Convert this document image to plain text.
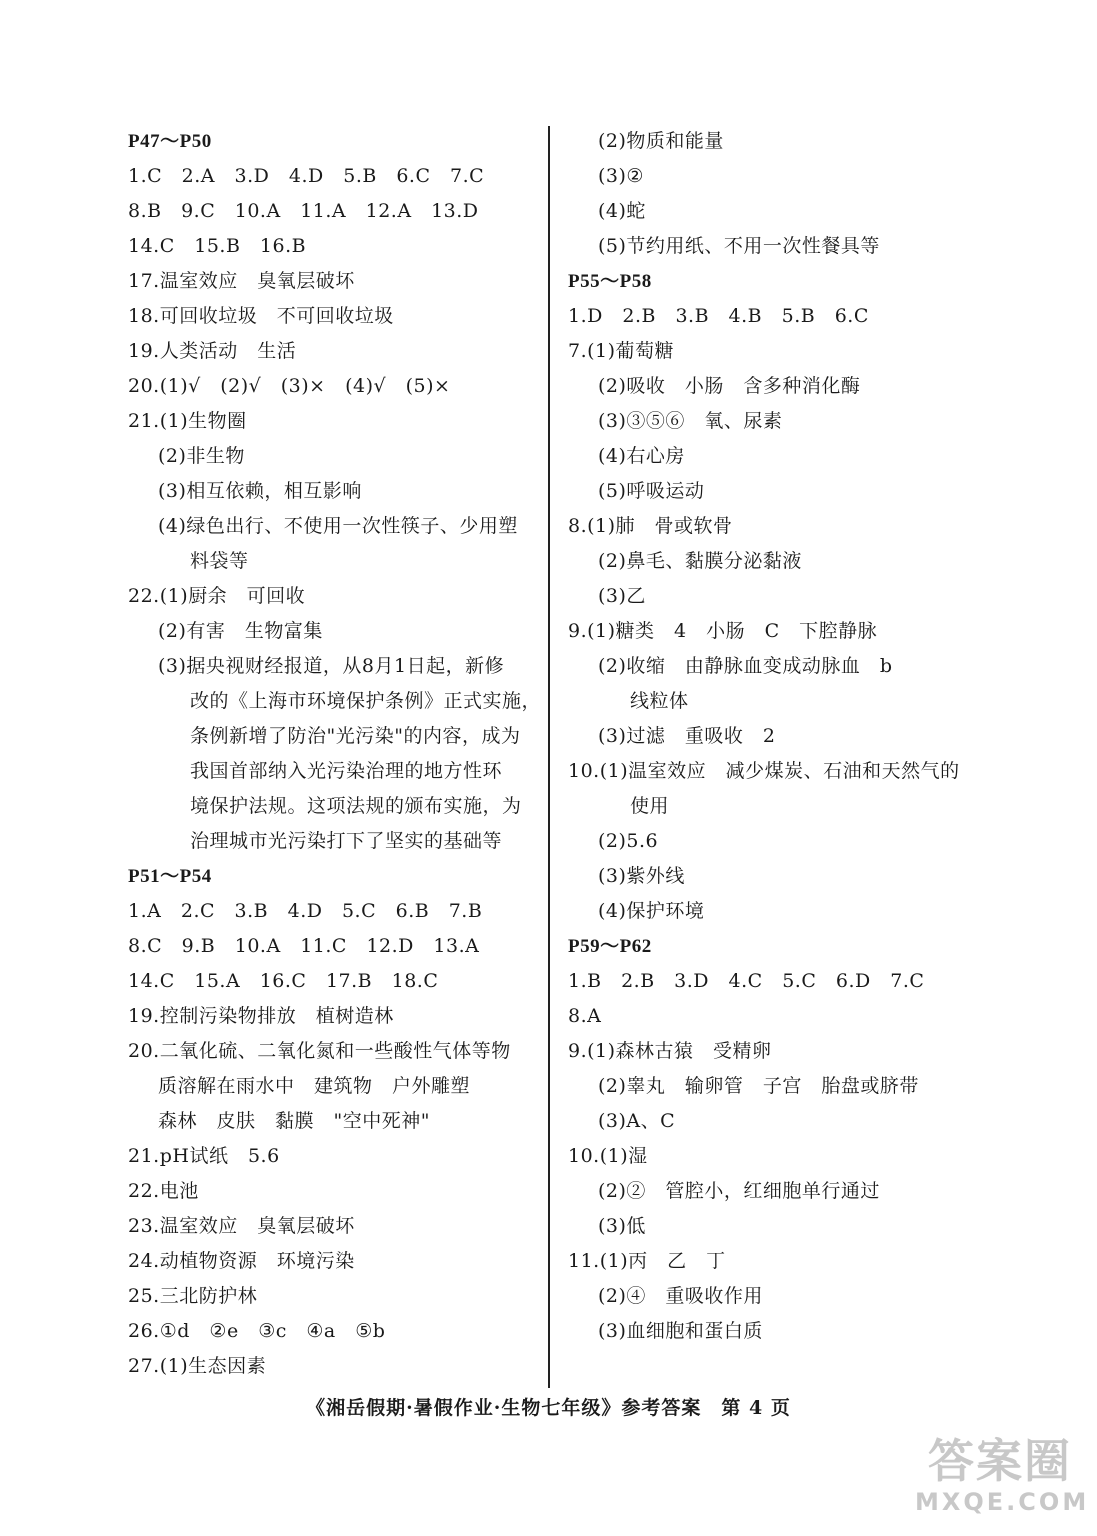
P47～P50
1.C　2.A　3.D　4.D　5.B　6.C　7.C
8.B　9.C　10.A　11.A　12.A　13.D
14.C　15.B　16.B
17.温室效应　臭氧层破坏
18.可回收垃圾　不可回收垃圾
19.人类活动　生活
20.(1)√　(2)√　(3)×　(4)√　(5)×
21.(1)生物圈
(2)非生物
(3)相互依赖，相互影响
(4)绿色出行、不使用一次性筷子、少用塑
料袋等
22.(1)厨余　可回收
(2)有害　生物富集
(3)据央视财经报道，从8月1日起，新修
改的《上海市环境保护条例》正式实施，
条例新增了防治"光污染"的内容，成为
我国首部纳入光污染治理的地方性环
境保护法规。这项法规的颁布实施，为
治理城市光污染打下了坚实的基础等
P51～P54
1.A　2.C　3.B　4.D　5.C　6.B　7.B
8.C　9.B　10.A　11.C　12.D　13.A
14.C　15.A　16.C　17.B　18.C
19.控制污染物排放　植树造林
20.二氧化硫、二氧化氮和一些酸性气体等物
质溶解在雨水中　建筑物　户外雕塑
森林　皮肤　黏膜　"空中死神"
21.pH试纸　5.6
22.电池
23.温室效应　臭氧层破坏
24.动植物资源　环境污染
25.三北防护林
26.①d　②e　③c　④a　⑤b
27.(1)生态因素
(2)物质和能量
(3)②
(4)蛇
(5)节约用纸、不用一次性餐具等
P55～P58
1.D　2.B　3.B　4.B　5.B　6.C
7.(1)葡萄糖
(2)吸收　小肠　含多种消化酶
(3)③⑤⑥　氧、尿素
(4)右心房
(5)呼吸运动
8.(1)肺　骨或软骨
(2)鼻毛、黏膜分泌黏液
(3)乙
9.(1)糖类　4　小肠　C　下腔静脉
(2)收缩　由静脉血变成动脉血　b
线粒体
(3)过滤　重吸收　2
10.(1)温室效应　减少煤炭、石油和天然气的
使用
(2)5.6
(3)紫外线
(4)保护环境
P59～P62
1.B　2.B　3.D　4.C　5.C　6.D　7.C
8.A
9.(1)森林古猿　受精卵
(2)睾丸　输卵管　子宫　胎盘或脐带
(3)A、C
10.(1)湿
(2)②　管腔小，红细胞单行通过
(3)低
11.(1)丙　乙　丁
(2)④　重吸收作用
(3)血细胞和蛋白质
《湘岳假期·暑假作业·生物七年级》参考答案　第 4 页
答案圈
MXQE.COM
